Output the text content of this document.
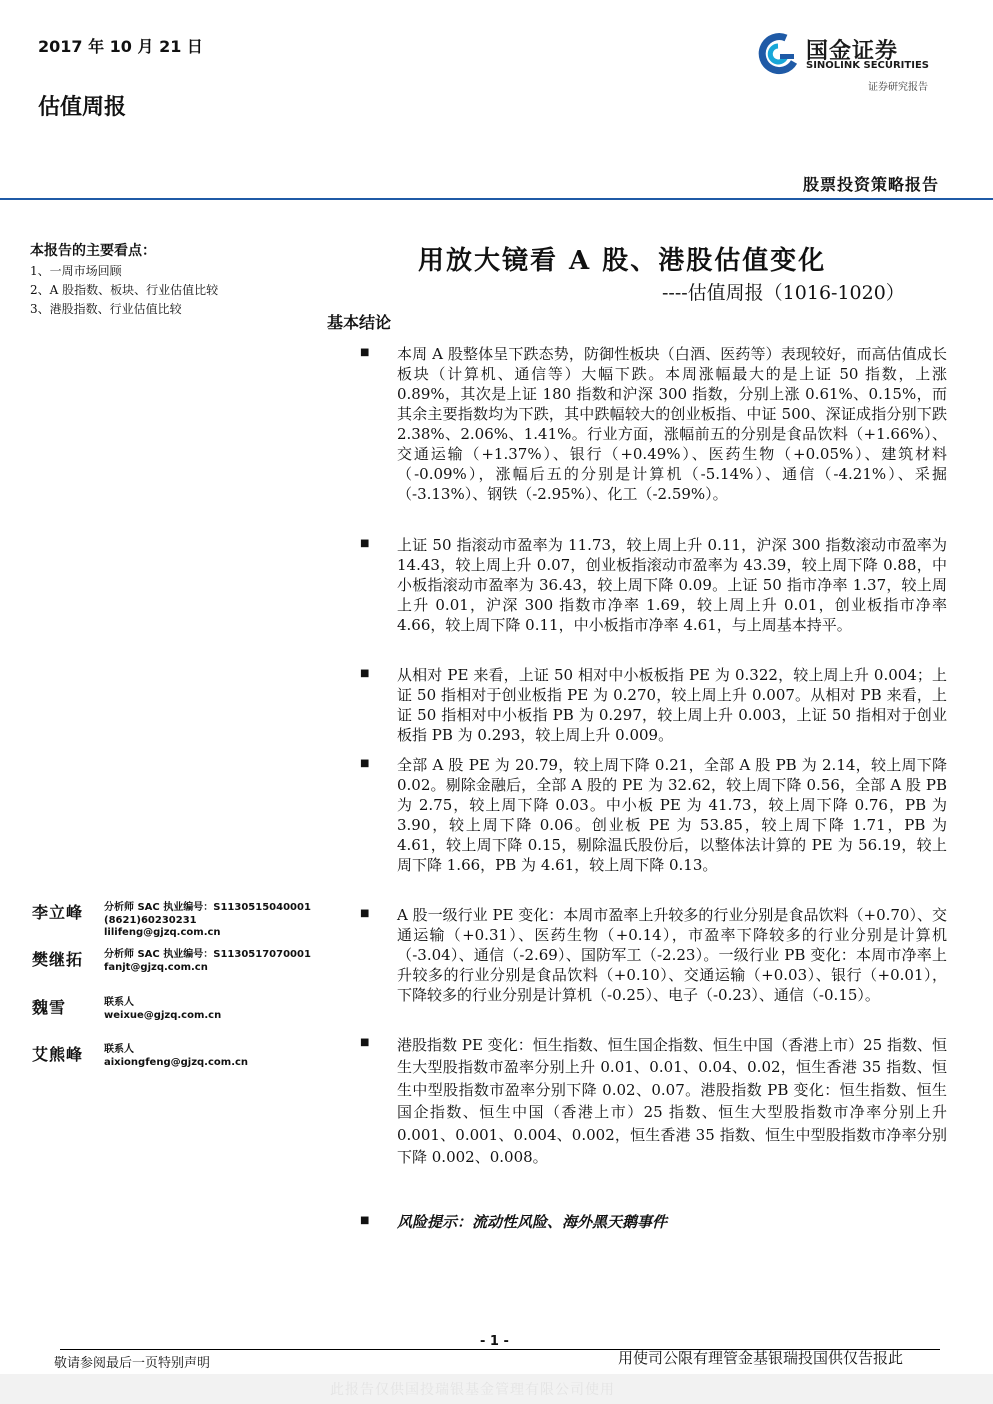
2017 年 10 月 21 日
估值周报
国金证券
SINOLINK SECURITIES
证券研究报告
股票投资策略报告
本报告的主要看点：
1、一周市场回顾
2、A 股指数、板块、行业估值比较
3、港股指数、行业估值比较
用放大镜看 A 股、港股估值变化
----估值周报（1016-1020）
基本结论
■ 本周 A 股整体呈下跌态势，防御性板块（白酒、医药等）表现较好，而高估值成长板块（计算机、通信等）大幅下跌。本周涨幅最大的是上证 50 指数，上涨 0.89%，其次是上证 180 指数和沪深 300 指数，分别上涨 0.61%、0.15%，而其余主要指数均为下跌，其中跌幅较大的创业板指、中证 500、深证成指分别下跌 2.38%、2.06%、1.41%。行业方面，涨幅前五的分别是食品饮料（+1.66%）、交通运输（+1.37%）、银行（+0.49%）、医药生物（+0.05%）、建筑材料（-0.09%），涨幅后五的分别是计算机（-5.14%）、通信（-4.21%）、采掘（-3.13%）、钢铁（-2.95%）、化工（-2.59%）。
■ 上证 50 指滚动市盈率为 11.73，较上周上升 0.11，沪深 300 指数滚动市盈率为 14.43，较上周上升 0.07，创业板指滚动市盈率为 43.39，较上周下降 0.88，中小板指滚动市盈率为 36.43，较上周下降 0.09。上证 50 指市净率 1.37，较上周上升 0.01，沪深 300 指数市净率 1.69，较上周上升 0.01，创业板指市净率 4.66，较上周下降 0.11，中小板指市净率 4.61，与上周基本持平。
■ 从相对 PE 来看，上证 50 相对中小板板指 PE 为 0.322，较上周上升 0.004；上证 50 指相对于创业板指 PE 为 0.270，较上周上升 0.007。从相对 PB 来看，上证 50 指相对中小板指 PB 为 0.297，较上周上升 0.003，上证 50 指相对于创业板指 PB 为 0.293，较上周上升 0.009。
■ 全部 A 股 PE 为 20.79，较上周下降 0.21，全部 A 股 PB 为 2.14，较上周下降 0.02。剔除金融后，全部 A 股的 PE 为 32.62，较上周下降 0.56，全部 A 股 PB 为 2.75，较上周下降 0.03。中小板 PE 为 41.73，较上周下降 0.76，PB 为 3.90，较上周下降 0.06。创业板 PE 为 53.85，较上周下降 1.71，PB 为 4.61，较上周下降 0.15，剔除温氏股份后，以整体法计算的 PE 为 56.19，较上周下降 1.66，PB 为 4.61，较上周下降 0.13。
■ A 股一级行业 PE 变化：本周市盈率上升较多的行业分别是食品饮料（+0.70）、交通运输（+0.31）、医药生物（+0.14），市盈率下降较多的行业分别是计算机（-3.04）、通信（-2.69）、国防军工（-2.23）。一级行业 PB 变化：本周市净率上升较多的行业分别是食品饮料（+0.10）、交通运输（+0.03）、银行（+0.01），下降较多的行业分别是计算机（-0.25）、电子（-0.23）、通信（-0.15）。
■ 港股指数 PE 变化：恒生指数、恒生国企指数、恒生中国（香港上市）25 指数、恒生大型股指数市盈率分别上升 0.01、0.01、0.04、0.02，恒生香港 35 指数、恒生中型股指数市盈率分别下降 0.02、0.07。港股指数 PB 变化：恒生指数、恒生国企指数、恒生中国（香港上市）25 指数、恒生大型股指数市净率分别上升 0.001、0.001、0.004、0.002，恒生香港 35 指数、恒生中型股指数市净率分别下降 0.002、0.008。
■ 风险提示：流动性风险、海外黑天鹅事件
李立峰 分析师 SAC 执业编号：S1130515040001
(8621)60230231
lilifeng@gjzq.com.cn
樊继拓 分析师 SAC 执业编号：S1130517070001
fanjt@gjzq.com.cn
魏雪	联系人
weixue@gjzq.com.cn
艾熊峰 联系人
aixiongfeng@gjzq.com.cn
- 1 -
敬请参阅最后一页特别声明	用使司公限有理管金基银瑞投国供仅告报此
此报告仅供国投瑞银基金管理有限公司使用
